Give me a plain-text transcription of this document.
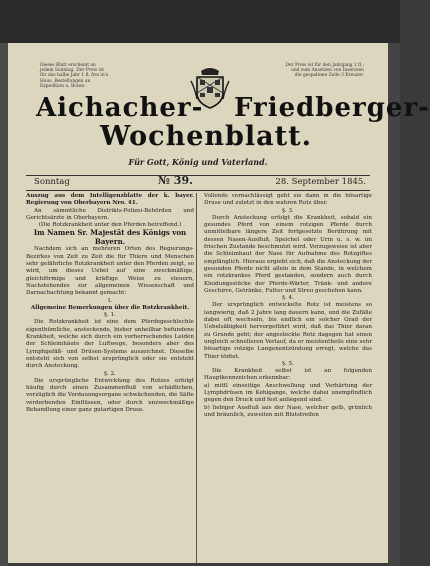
Dieses Blatt erscheint an jedem Sonntag. Der Preis ist für das halbe Jahr 1 fl. frei in's Haus. Bestellungen an Expedition u. Boten.
Der Preis ist für den Jahrgang 2 fl.; und zum Ansetzen von Inseraten die gespaltene Zeile 3 Kreuzer.
Aichacher- Friedberger-
Wochenblatt.
Für Gott, König und Vaterland.
Sonntag	№ 39.	28. September 1845.

Auszug aus dem Intelligenzblatte der k. bayer. Regierung von Oberbayern Nro. 41.

An sämmtliche Distrikts-Polizei-Behörden und Gerichtsärzte in Oberbayern.

(Die Rotzkrankheit unter den Pferden betreffend.)

Im Namen Sr. Majestät des Königs von Bayern.

Nachdem sich an mehreren Orten des Regierungs-Bezirkes von Zeit zu Zeit die für Thiere und Menschen sehr gefährliche Rotzkrankheit unter den Pferden zeigt, so wird, um dieses Uebel auf eine zweckmäßige, gleichförmige und kräftige Weise zu steuern, Nachstehendes zur allgemeinen Wissenschaft und Darnachachtung bekannt gemacht:

I.

Allgemeine Bemerkungen über die Rotzkrankheit.

§. 1.

Die Rotzkrankheit ist eine dem Pferdegeschlechte eigenthümliche, ansteckende, bisher unheilbar befundene Krankheit, welche sich durch ein vorherrschendes Leiden der Schleimhäute der Luftwege, besonders aber des Lymphgefäß- und Drüsen-Systems auszeichnet. Dieselbe entsteht sich von selbst ursprünglich oder sie entsteht durch Ansteckung.

§. 2.

Die ursprüngliche Entwicklung des Rotzes erfolgt häufig durch einen Zusammenfluß von schädlichen, vorzüglich die Verdauungsorgane schwächenden, die Säfte verderbenden Einflüssen, oder durch unzweckmäßige Behandlung einer ganz gutartigen Druse.

Vollends vernachlässigt geht sie dann in die bösartige Druse und zuletzt in den wahren Rotz über.

§. 3.

Durch Ansteckung erfolgt die Krankheit, sobald ein gesundes Pferd von einem rotzigen Pferde durch unmittelbare längere Zeit fortgesetzte Berührung mit dessen Nasen-Ausfluß, Speichel oder Urin u. s. w. im frischen Zustande beschmutzt wird. Vorzugsweise ist aber die Schleimhaut der Nase für Aufnahme des Rotzgiftes empfänglich. Hieraus ergiebt sich, daß die Ansteckung der gesunden Pferde nicht allein in dem Stande, in welchem ein rotzkrankes Pferd gestanden, sondern auch durch Kleidungsstücke der Pferde-Wärter, Tränk- und andere Geschirre, Getränke, Futter und Streu geschehen kann.

§. 4.

Der ursprünglich entwickelte Rotz ist meistens so langwierig, daß 2 Jahre lang dauern kann, und die Zufälle dabei oft wechseln, bis endlich ein solcher Grad der Uebelsähigkeit hervorgeführt wird, daß das Thier daran zu Grunde geht; der angesteckte Rotz dagegen hat einen ungleich schnelleren Verlauf, da er meistentheils eine sehr bösartige rotzige Lungenentzündung erregt, welche das Thier tödtet.

§. 5.

Die Krankheit selbst ist an folgenden Hauptkennzeichen erkennbar:

a) mittl einseitige Anschwellung und Verhärtung der Lymphdrüsen im Kehlgange, welche dabei unempfindlich gegen den Druck und fest anliegend sind.

b) liebiger Ausfluß aus der Nase, welcher gelb, grünlich und bräunlich, zuweilen mit Blutstreifen
